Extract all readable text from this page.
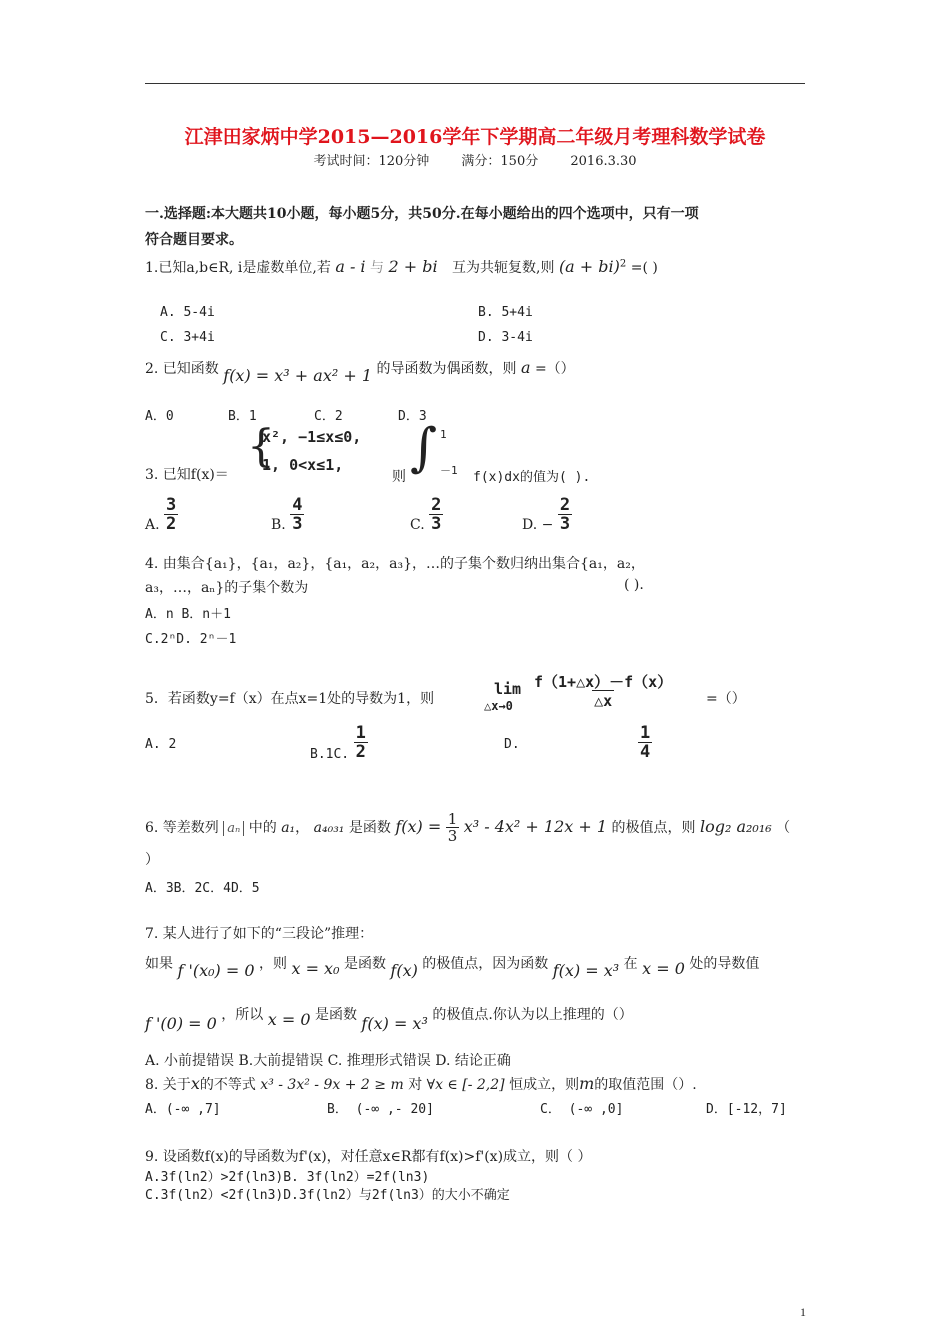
江津田家炳中学2015—2016学年下学期高二年级月考理科数学试卷
考试时间：120分钟 满分：150分 2016.3.30
一.选择题:本大题共10小题，每小题5分，共50分.在每小题给出的四个选项中，只有一项
符合题目要求。
1.已知a,b∈R, i是虚数单位,若 a - i 与 2 + bi 互为共轭复数,则 (a + bi)$^2$ =( )
A. 5-4i	B. 5+4i
C. 3+4i	D. 3-4i
2. 已知函数 f(x) = x³ + ax² + 1 的导函数为偶函数，则 a =（）
A．0	B．1	C．2	D．3
3. 已知f(x)＝
{
x², −1≤x≤0,
1, 0<x≤1,
则 ∫ 1
－1 f(x)dx的值为( ).
A. $\frac{3}{2}$	B. $\frac{4}{3}$	C. $\frac{2}{3}$	D. − $\frac{2}{3}$
4. 由集合{a₁}，{a₁，a₂}，{a₁，a₂，a₃}，…的子集个数归纳出集合{a₁，a₂，
a₃，…，aₙ}的子集个数为	( ).
A．n B．n＋1
C.2ⁿD. 2ⁿ－1
5．若函数y=f（x）在点x=1处的导数为1，则
lim
△x→0 $\frac{f(1+\triangle x)-f(x)}{\triangle x}$ =（）
A. 2
B.1C. $\frac{1}{2}$	D.	$\frac{1}{4}$
6. 等差数列 aₙ 中的 a₁， a₄₀₃₁ 是函数 $f(x) = \frac{1}{3} x^3 - 4x^2 + 12x + 1$ 的极值点，则 log₂ a₂₀₁₆ （
）
A．3B．2C．4D．5
7. 某人进行了如下的“三段论”推理：
如果 f '(x₀) = 0 ，则 x = x₀ 是函数 f(x) 的极值点，因为函数 f(x) = x³ 在 x = 0 处的导数值
f '(0) = 0 ，所以 x = 0 是函数 f(x) = x³ 的极值点.你认为以上推理的（）
A. 小前提错误 B.大前提错误 C. 推理形式错误 D. 结论正确
8. 关于x的不等式 x³ - 3x² - 9x + 2 ≥ m 对 ∀x ∈ [- 2,2] 恒成立，则m的取值范围（）.
A．(-∞ ,7]	B． (-∞ ,- 20]	C． (-∞ ,0]	D．[-12，7]
9. 设函数f(x)的导函数为f'(x)，对任意x∈R都有f(x)>f'(x)成立，则（ ）
A.3f(ln2）>2f(ln3)B. 3f(ln2）=2f(ln3)
C.3f(ln2）<2f(ln3)D.3f(ln2）与2f(ln3）的大小不确定
1
